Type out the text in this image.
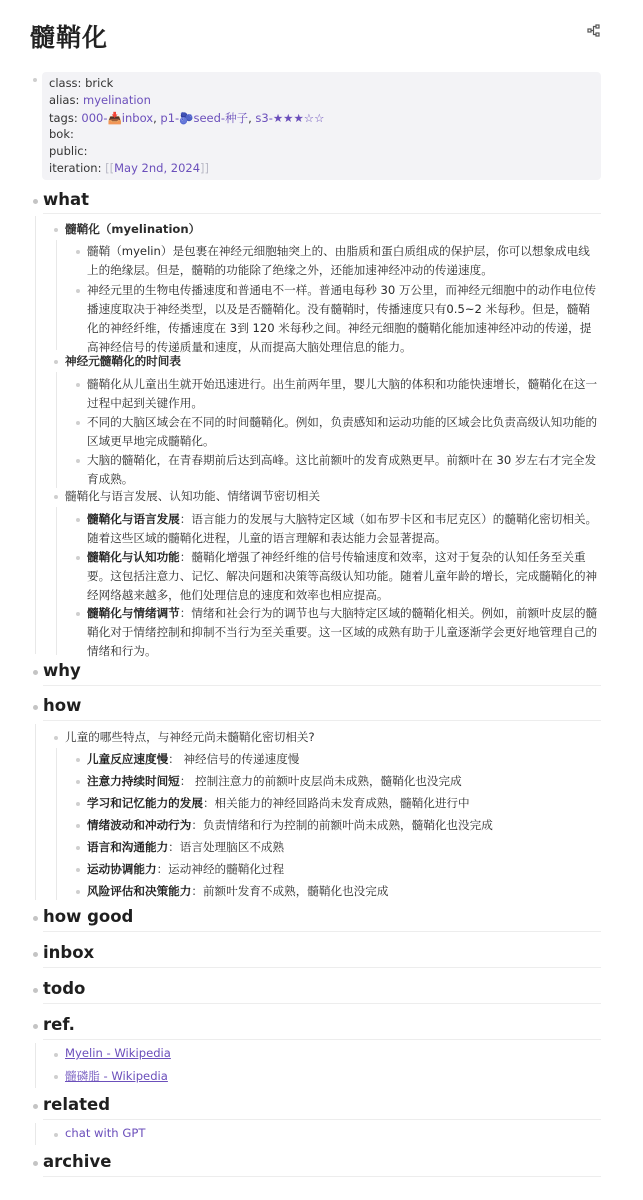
髓鞘化
class: brick
alias: myelination
tags: 000-📥inbox, p1-🫐seed-种子, s3-★★★☆☆
bok:
public:
iteration: [[May 2nd, 2024]]
what
髓鞘化（myelination）
髓鞘（myelin）是包裹在神经元细胞轴突上的、由脂质和蛋白质组成的保护层，你可以想象成电线上的绝缘层。但是，髓鞘的功能除了绝缘之外，还能加速神经冲动的传递速度。
神经元里的生物电传播速度和普通电不一样。普通电每秒 30 万公里，而神经元细胞中的动作电位传播速度取决于神经类型，以及是否髓鞘化。没有髓鞘时，传播速度只有0.5~2 米每秒。但是，髓鞘化的神经纤维，传播速度在 3到 120 米每秒之间。神经元细胞的髓鞘化能加速神经冲动的传递，提高神经信号的传递质量和速度，从而提高大脑处理信息的能力。
神经元髓鞘化的时间表
髓鞘化从儿童出生就开始迅速进行。出生前两年里，婴儿大脑的体积和功能快速增长，髓鞘化在这一过程中起到关键作用。
不同的大脑区域会在不同的时间髓鞘化。例如，负责感知和运动功能的区域会比负责高级认知功能的区域更早地完成髓鞘化。
大脑的髓鞘化，在青春期前后达到高峰。这比前额叶的发育成熟更早。前额叶在 30 岁左右才完全发育成熟。
髓鞘化与语言发展、认知功能、情绪调节密切相关
髓鞘化与语言发展：语言能力的发展与大脑特定区域（如布罗卡区和韦尼克区）的髓鞘化密切相关。随着这些区域的髓鞘化进程，儿童的语言理解和表达能力会显著提高。
髓鞘化与认知功能：髓鞘化增强了神经纤维的信号传输速度和效率，这对于复杂的认知任务至关重要。这包括注意力、记忆、解决问题和决策等高级认知功能。随着儿童年龄的增长，完成髓鞘化的神经网络越来越多，他们处理信息的速度和效率也相应提高。
髓鞘化与情绪调节：情绪和社会行为的调节也与大脑特定区域的髓鞘化相关。例如，前额叶皮层的髓鞘化对于情绪控制和抑制不当行为至关重要。这一区域的成熟有助于儿童逐渐学会更好地管理自己的情绪和行为。
why
how
儿童的哪些特点，与神经元尚未髓鞘化密切相关?
儿童反应速度慢： 神经信号的传递速度慢
注意力持续时间短： 控制注意力的前额叶皮层尚未成熟，髓鞘化也没完成
学习和记忆能力的发展：相关能力的神经回路尚未发育成熟，髓鞘化进行中
情绪波动和冲动行为：负责情绪和行为控制的前额叶尚未成熟，髓鞘化也没完成
语言和沟通能力：语言处理脑区不成熟
运动协调能力：运动神经的髓鞘化过程
风险评估和决策能力：前额叶发育不成熟，髓鞘化也没完成
how good
inbox
todo
ref.
Myelin - Wikipedia
髓磷脂 - Wikipedia
related
chat with GPT
archive
